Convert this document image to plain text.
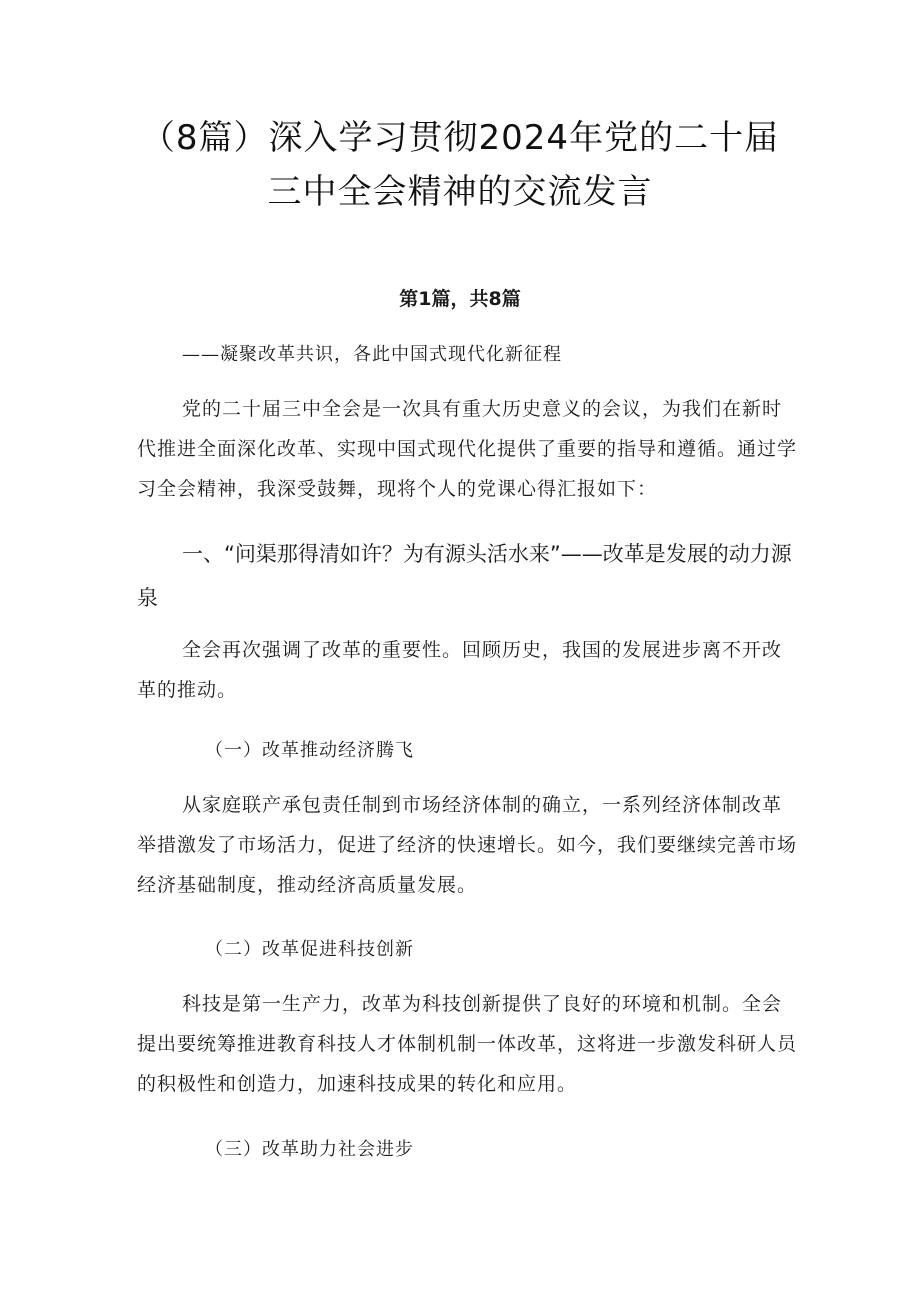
（8篇）深入学习贯彻2024年党的二十届
三中全会精神的交流发言
第1篇，共8篇
——凝聚改革共识，各此中国式现代化新征程

党的二十届三中全会是一次具有重大历史意义的会议，为我们在新时代推进全面深化改革、实现中国式现代化提供了重要的指导和遵循。通过学习全会精神，我深受鼓舞，现将个人的党课心得汇报如下：

一、“问渠那得清如许？为有源头活水来”——改革是发展的动力源泉

全会再次强调了改革的重要性。回顾历史，我国的发展进步离不开改革的推动。

（一）改革推动经济腾飞

从家庭联产承包责任制到市场经济体制的确立，一系列经济体制改革举措激发了市场活力，促进了经济的快速增长。如今，我们要继续完善市场经济基础制度，推动经济高质量发展。

（二）改革促进科技创新

科技是第一生产力，改革为科技创新提供了良好的环境和机制。全会提出要统筹推进教育科技人才体制机制一体改革，这将进一步激发科研人员的积极性和创造力，加速科技成果的转化和应用。

（三）改革助力社会进步
